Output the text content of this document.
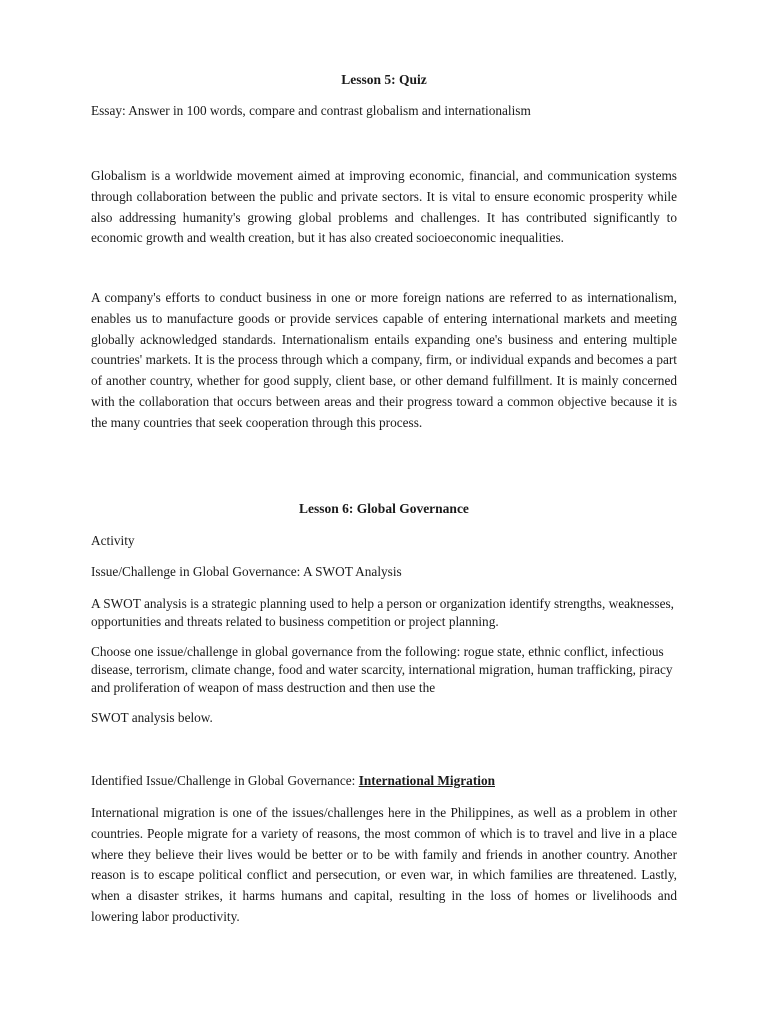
Lesson 5: Quiz

Essay: Answer in 100 words, compare and contrast globalism and internationalism

Globalism is a worldwide movement aimed at improving economic, financial, and communication systems through collaboration between the public and private sectors. It is vital to ensure economic prosperity while also addressing humanity's growing global problems and challenges. It has contributed significantly to economic growth and wealth creation, but it has also created socioeconomic inequalities.

A company's efforts to conduct business in one or more foreign nations are referred to as internationalism, enables us to manufacture goods or provide services capable of entering international markets and meeting globally acknowledged standards. Internationalism entails expanding one's business and entering multiple countries' markets. It is the process through which a company, firm, or individual expands and becomes a part of another country, whether for good supply, client base, or other demand fulfillment. It is mainly concerned with the collaboration that occurs between areas and their progress toward a common objective because it is the many countries that seek cooperation through this process.

Lesson 6: Global Governance

Activity

Issue/Challenge in Global Governance: A SWOT Analysis

A SWOT analysis is a strategic planning used to help a person or organization identify strengths, weaknesses, opportunities and threats related to business competition or project planning.

Choose one issue/challenge in global governance from the following: rogue state, ethnic conflict, infectious disease, terrorism, climate change, food and water scarcity, international migration, human trafficking, piracy and proliferation of weapon of mass destruction and then use the

SWOT analysis below.

Identified Issue/Challenge in Global Governance: International Migration

International migration is one of the issues/challenges here in the Philippines, as well as a problem in other countries. People migrate for a variety of reasons, the most common of which is to travel and live in a place where they believe their lives would be better or to be with family and friends in another country. Another reason is to escape political conflict and persecution, or even war, in which families are threatened. Lastly, when a disaster strikes, it harms humans and capital, resulting in the loss of homes or livelihoods and lowering labor productivity.
